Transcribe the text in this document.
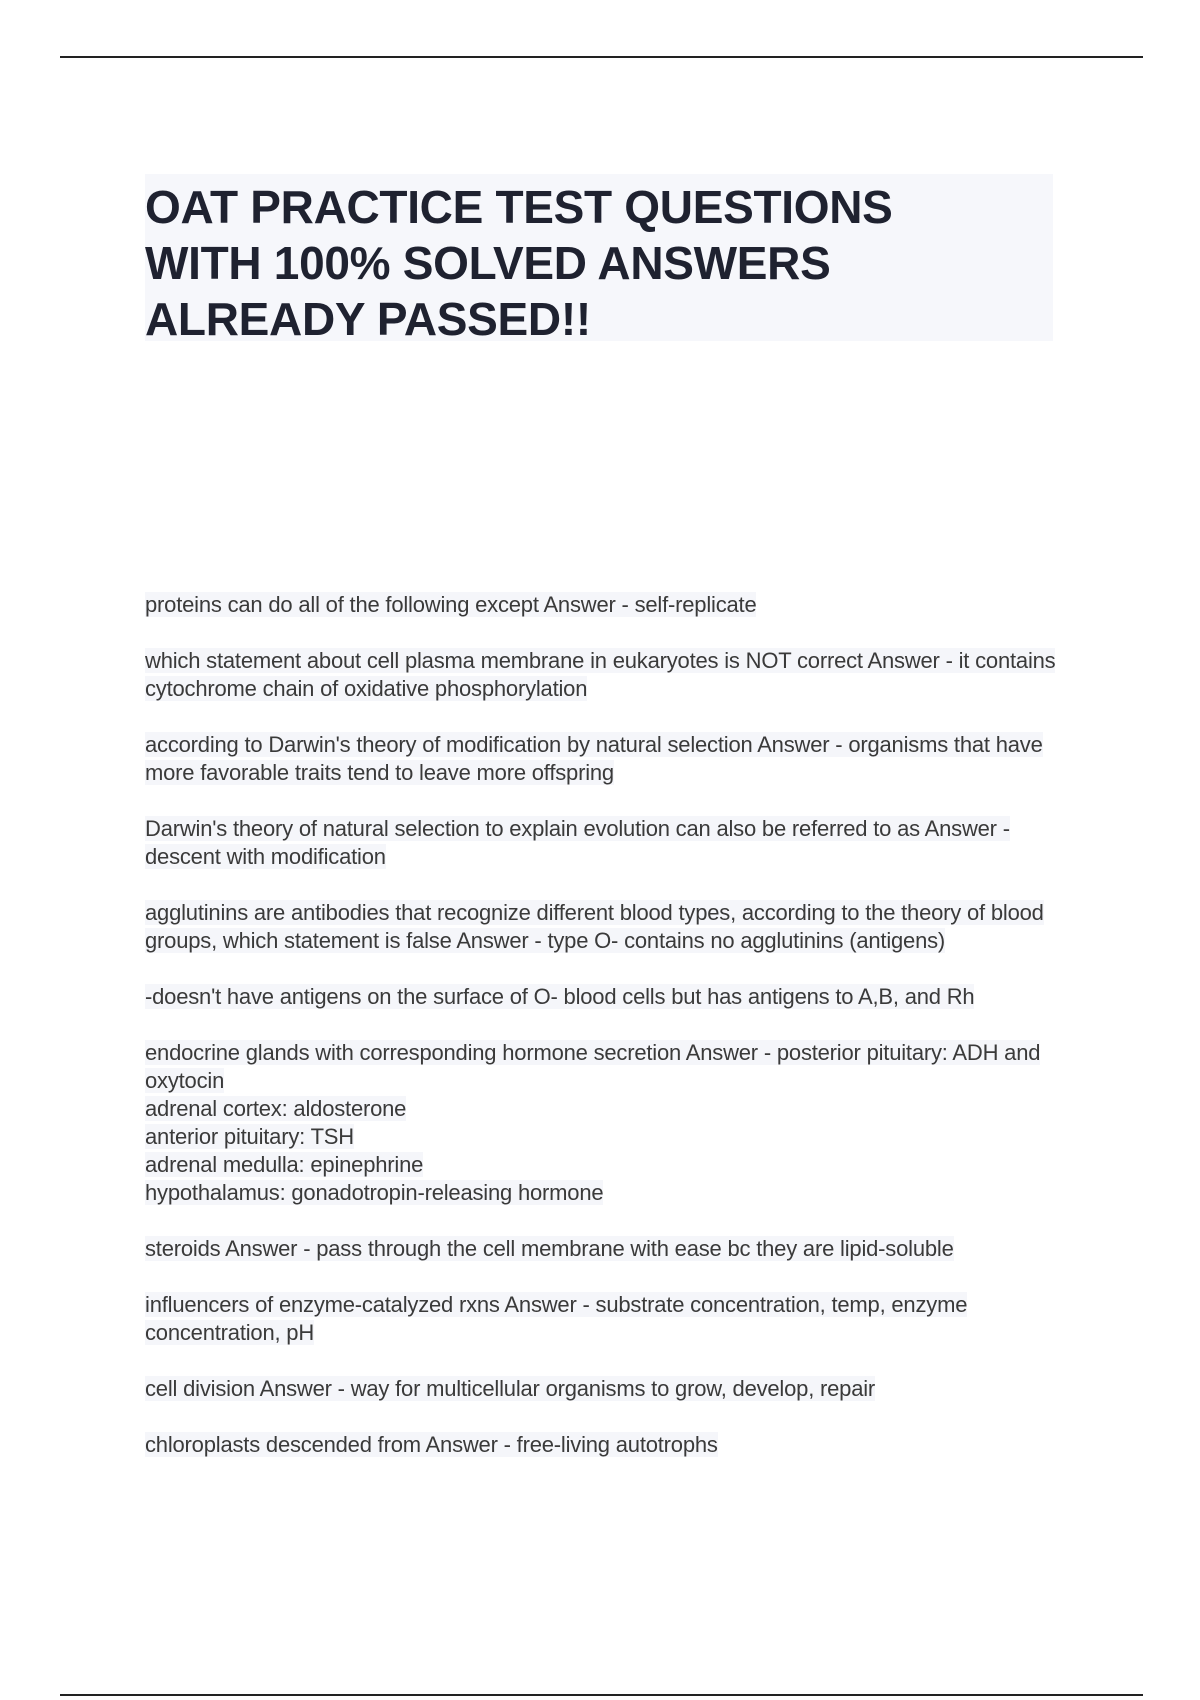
OAT PRACTICE TEST QUESTIONS WITH 100% SOLVED ANSWERS ALREADY PASSED!!

proteins can do all of the following except Answer - self-replicate

which statement about cell plasma membrane in eukaryotes is NOT correct Answer - it contains cytochrome chain of oxidative phosphorylation

according to Darwin's theory of modification by natural selection Answer - organisms that have more favorable traits tend to leave more offspring

Darwin's theory of natural selection to explain evolution can also be referred to as Answer - descent with modification

agglutinins are antibodies that recognize different blood types, according to the theory of blood groups, which statement is false Answer - type O- contains no agglutinins (antigens)

-doesn't have antigens on the surface of O- blood cells but has antigens to A,B, and Rh

endocrine glands with corresponding hormone secretion Answer - posterior pituitary: ADH and oxytocin
adrenal cortex: aldosterone
anterior pituitary: TSH
adrenal medulla: epinephrine
hypothalamus: gonadotropin-releasing hormone

steroids Answer - pass through the cell membrane with ease bc they are lipid-soluble

influencers of enzyme-catalyzed rxns Answer - substrate concentration, temp, enzyme concentration, pH

cell division Answer - way for multicellular organisms to grow, develop, repair

chloroplasts descended from Answer - free-living autotrophs
